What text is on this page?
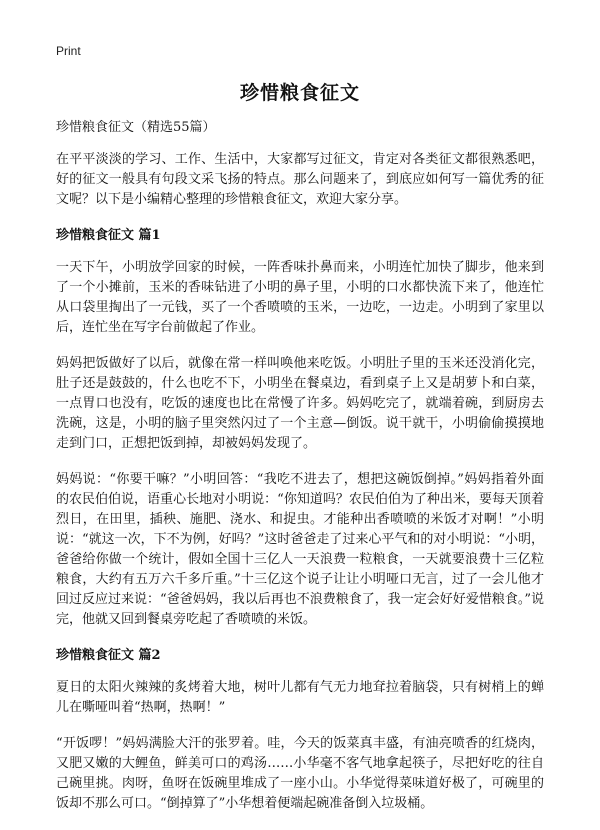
Print
珍惜粮食征文
珍惜粮食征文（精选55篇）

在平平淡淡的学习、工作、生活中，大家都写过征文，肯定对各类征文都很熟悉吧，好的征文一般具有句段文采飞扬的特点。那么问题来了，到底应如何写一篇优秀的征文呢？以下是小编精心整理的珍惜粮食征文，欢迎大家分享。

珍惜粮食征文 篇1

一天下午，小明放学回家的时候，一阵香味扑鼻而来，小明连忙加快了脚步，他来到了一个小摊前，玉米的香味钻进了小明的鼻子里，小明的口水都快流下来了，他连忙从口袋里掏出了一元钱，买了一个香喷喷的玉米，一边吃，一边走。小明到了家里以后，连忙坐在写字台前做起了作业。

妈妈把饭做好了以后，就像在常一样叫唤他来吃饭。小明肚子里的玉米还没消化完，肚子还是鼓鼓的，什么也吃不下，小明坐在餐桌边，看到桌子上又是胡萝卜和白菜，一点胃口也没有，吃饭的速度也比在常慢了许多。妈妈吃完了，就端着碗，到厨房去洗碗，这是，小明的脑子里突然闪过了一个主意—倒饭。说干就干，小明偷偷摸摸地走到门口，正想把饭到掉，却被妈妈发现了。

妈妈说：“你要干嘛？”小明回答：“我吃不进去了，想把这碗饭倒掉。”妈妈指着外面的农民伯伯说，语重心长地对小明说：“你知道吗？农民伯伯为了种出米，要每天顶着烈日，在田里，插秧、施肥、浇水、和捉虫。才能种出香喷喷的米饭才对啊！”小明说：“就这一次，下不为例，好吗？”这时爸爸走了过来心平气和的对小明说：“小明，爸爸给你做一个统计，假如全国十三亿人一天浪费一粒粮食，一天就要浪费十三亿粒粮食，大约有五万六千多斤重。”十三亿这个说子让让小明哑口无言，过了一会儿他才回过反应过来说：“爸爸妈妈，我以后再也不浪费粮食了，我一定会好好爱惜粮食。”说完，他就又回到餐桌旁吃起了香喷喷的米饭。

珍惜粮食征文 篇2

夏日的太阳火辣辣的炙烤着大地，树叶儿都有气无力地耷拉着脑袋，只有树梢上的蝉儿在嘶哑叫着“热啊，热啊！”

“开饭啰！”妈妈满脸大汗的张罗着。哇，今天的饭菜真丰盛，有油亮喷香的红烧肉，又肥又嫩的大鲤鱼，鲜美可口的鸡汤……小华毫不客气地拿起筷子，尽把好吃的往自己碗里挑。肉呀，鱼呀在饭碗里堆成了一座小山。小华觉得菜味道好极了，可碗里的饭却不那么可口。“倒掉算了”小华想着便端起碗准备倒入垃圾桶。
